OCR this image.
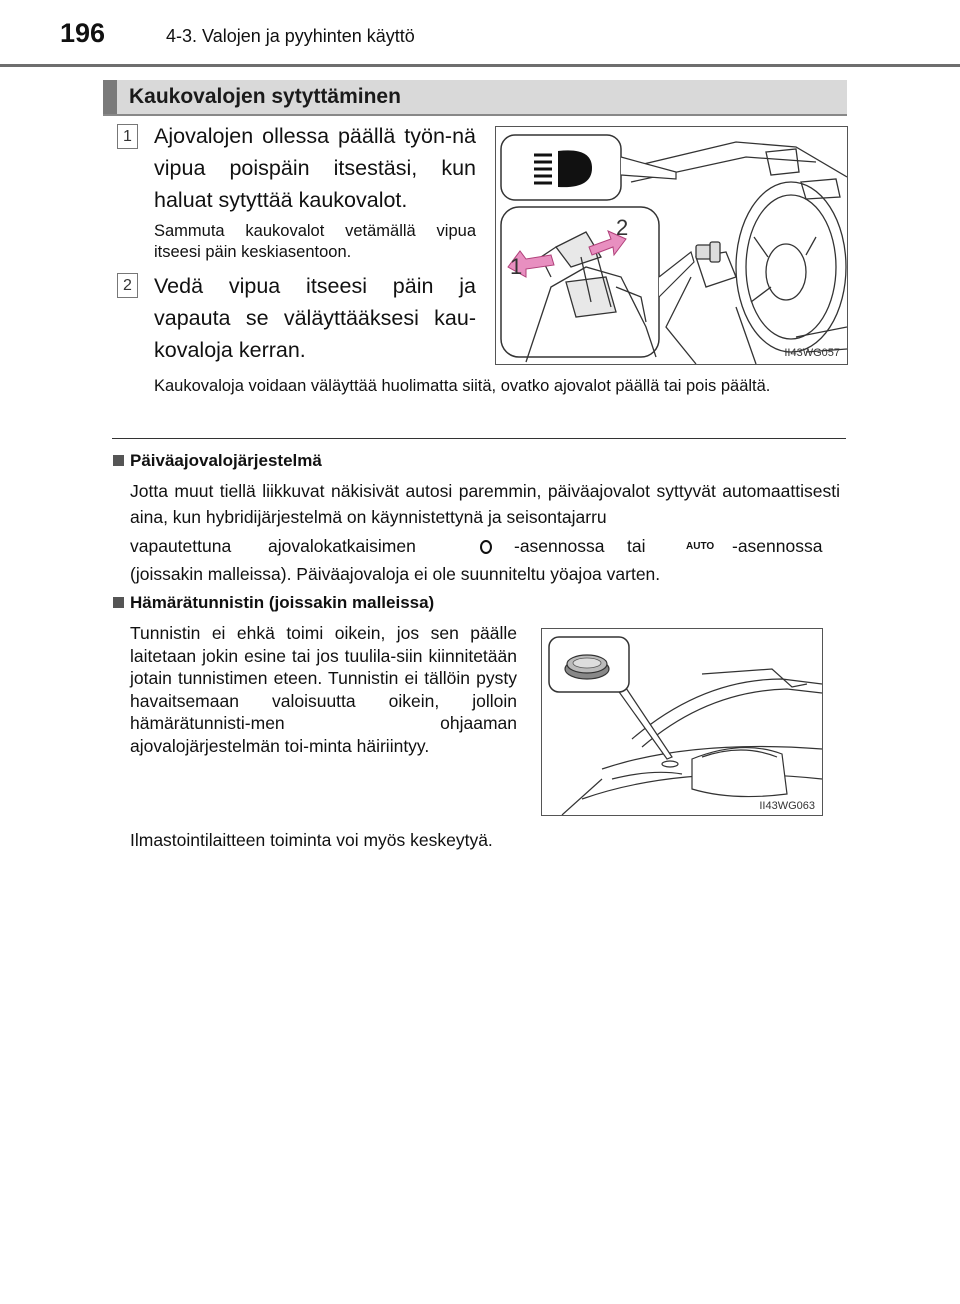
196	4-3. Valojen ja pyyhinten käyttö
Kaukovalojen sytyttäminen
1 Ajovalojen ollessa päällä työn-nä vipua poispäin itsestäsi, kun haluat sytyttää kaukovalot.
Sammuta kaukovalot vetämällä vipua itseesi päin keskiasentoon.
2 Vedä vipua itseesi päin ja vapauta se väläyttääksesi kau-kovaloja kerran.
1
2
II43WG057
Kaukovaloja voidaan väläyttää huolimatta siitä, ovatko ajovalot päällä tai pois päältä.
Päiväajovalojärjestelmä
Jotta muut tiellä liikkuvat näkisivät autosi paremmin, päiväajovalot syttyvät automaattisesti aina, kun hybridijärjestelmä on käynnistettynä ja seisontajarru
vapautettuna ajovalokatkaisimen	-asennossa tai	AUTO -asennossa
(joissakin malleissa). Päiväajovaloja ei ole suunniteltu yöajoa varten.
Hämärätunnistin (joissakin malleissa)
Tunnistin ei ehkä toimi oikein, jos sen päälle laitetaan jokin esine tai jos tuulila-siin kiinnitetään jotain tunnistimen eteen. Tunnistin ei tällöin pysty havaitsemaan valoisuutta oikein, jolloin hämärätunnisti-men ohjaaman ajovalojärjestelmän toi-minta häiriintyy.
II43WG063
Ilmastointilaitteen toiminta voi myös keskeytyä.
